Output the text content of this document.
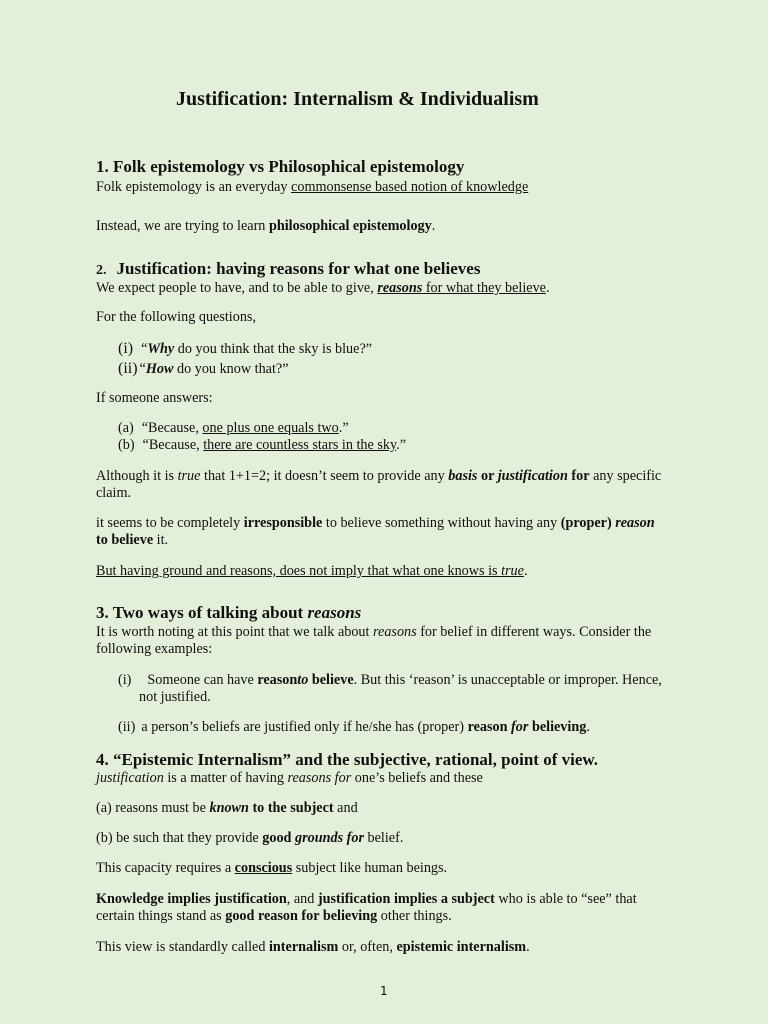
Justification: Internalism & Individualism
1. Folk epistemology vs Philosophical epistemology
Folk epistemology is an everyday commonsense based notion of knowledge
Instead, we are trying to learn philosophical epistemology.
2. Justification: having reasons for what one believes
We expect people to have, and to be able to give, reasons for what they believe.
For the following questions,
(i) “Why do you think that the sky is blue?”
(ii) “How do you know that?”
If someone answers:
(a) “Because, one plus one equals two.”
(b) “Because, there are countless stars in the sky.”
Although it is true that 1+1=2; it doesn’t seem to provide any basis or justification for any specific
claim.
it seems to be completely irresponsible to believe something without having any (proper) reason
to believe it.
But having ground and reasons, does not imply that what one knows is true.
3. Two ways of talking about reasons
It is worth noting at this point that we talk about reasons for belief in different ways. Consider the
following examples:
(i) Someone can have reasonto believe. But this ‘reason’ is unacceptable or improper. Hence,
not justified.
(ii) a person’s beliefs are justified only if he/she has (proper) reason for believing.
4. “Epistemic Internalism” and the subjective, rational, point of view.
justification is a matter of having reasons for one’s beliefs and these
(a) reasons must be known to the subject and
(b) be such that they provide good grounds for belief.
This capacity requires a conscious subject like human beings.
Knowledge implies justification, and justification implies a subject who is able to “see” that
certain things stand as good reason for believing other things.
This view is standardly called internalism or, often, epistemic internalism.
1
